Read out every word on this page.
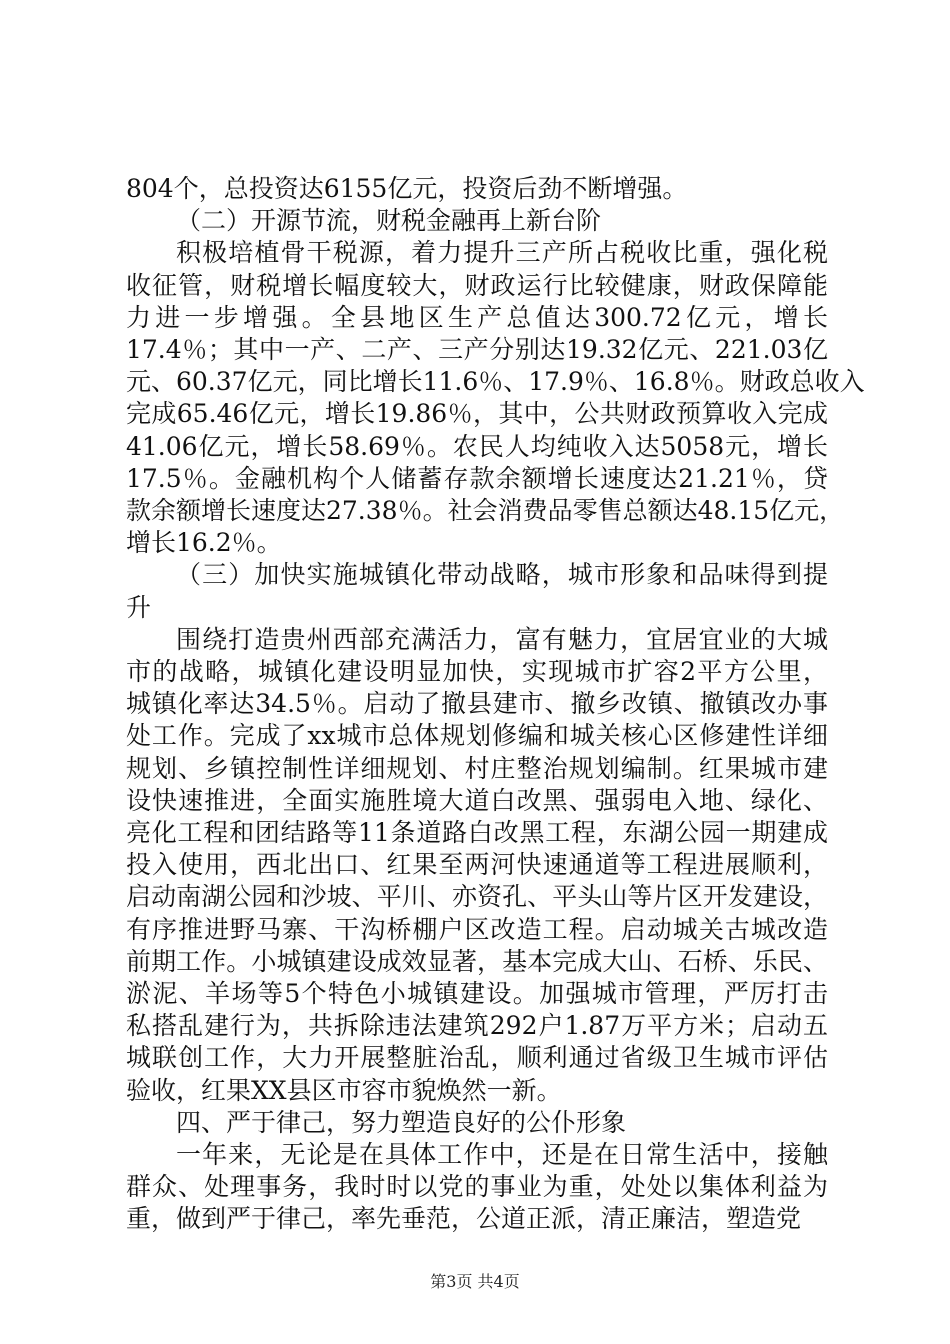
804个，总投资达6155亿元，投资后劲不断增强。
（二）开源节流，财税金融再上新台阶
积极培植骨干税源，着力提升三产所占税收比重，强化税
收征管，财税增长幅度较大，财政运行比较健康，财政保障能
力进一步增强。全县地区生产总值达300.72亿元，增长
17.4％；其中一产、二产、三产分别达19.32亿元、221.03亿
元、60.37亿元，同比增长11.6％、17.9％、16.8％。财政总收入
完成65.46亿元，增长19.86％，其中，公共财政预算收入完成
41.06亿元，增长58.69％。农民人均纯收入达5058元，增长
17.5％。金融机构个人储蓄存款余额增长速度达21.21％，贷
款余额增长速度达27.38％。社会消费品零售总额达48.15亿元，
增长16.2％。
（三）加快实施城镇化带动战略，城市形象和品味得到提
升
围绕打造贵州西部充满活力，富有魅力，宜居宜业的大城
市的战略，城镇化建设明显加快，实现城市扩容2平方公里，
城镇化率达34.5％。启动了撤县建市、撤乡改镇、撤镇改办事
处工作。完成了xx城市总体规划修编和城关核心区修建性详细
规划、乡镇控制性详细规划、村庄整治规划编制。红果城市建
设快速推进，全面实施胜境大道白改黑、强弱电入地、绿化、
亮化工程和团结路等11条道路白改黑工程，东湖公园一期建成
投入使用，西北出口、红果至两河快速通道等工程进展顺利，
启动南湖公园和沙坡、平川、亦资孔、平头山等片区开发建设，
有序推进野马寨、干沟桥棚户区改造工程。启动城关古城改造
前期工作。小城镇建设成效显著，基本完成大山、石桥、乐民、
淤泥、羊场等5个特色小城镇建设。加强城市管理，严厉打击
私搭乱建行为，共拆除违法建筑292户1.87万平方米；启动五
城联创工作，大力开展整脏治乱，顺利通过省级卫生城市评估
验收，红果XX县区市容市貌焕然一新。
四、严于律己，努力塑造良好的公仆形象
一年来，无论是在具体工作中，还是在日常生活中，接触
群众、处理事务，我时时以党的事业为重，处处以集体利益为
重，做到严于律己，率先垂范，公道正派，清正廉洁，塑造党
第3页 共4页
